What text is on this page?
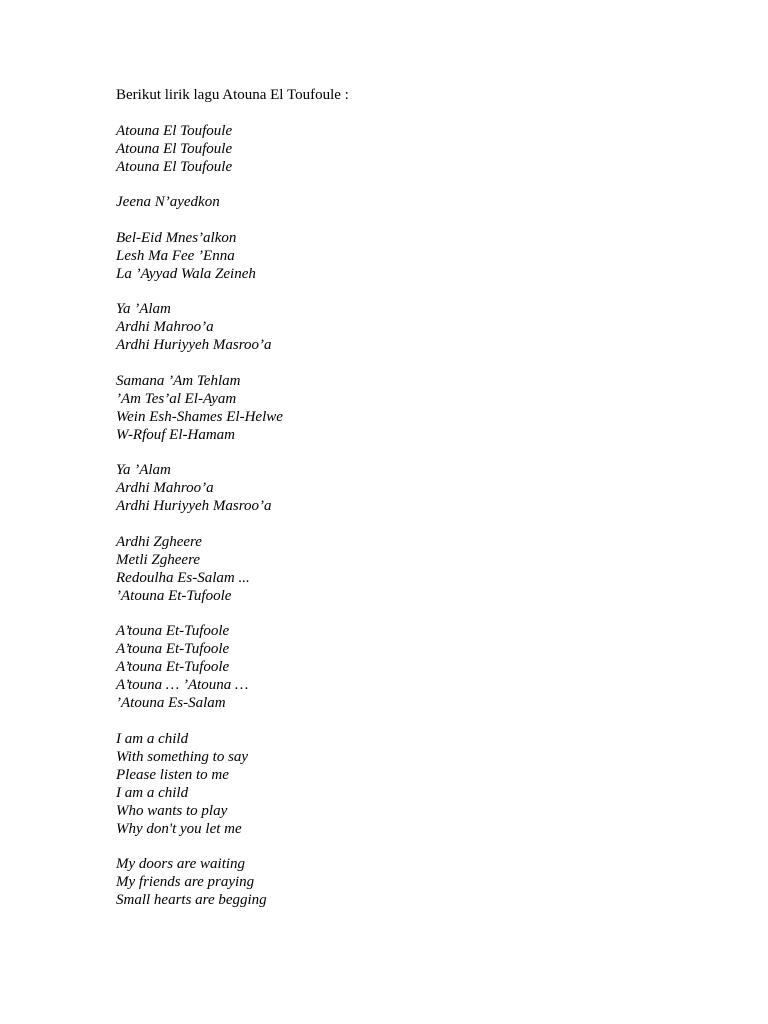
Berikut lirik lagu Atouna El Toufoule :

Atouna El Toufoule
Atouna El Toufoule
Atouna El Toufoule
Jeena N’ayedkon
Bel-Eid Mnes’alkon
Lesh Ma Fee ’Enna
La ’Ayyad Wala Zeineh
Ya ’Alam
Ardhi Mahroo’a
Ardhi Huriyyeh Masroo’a
Samana ’Am Tehlam
’Am Tes’al El-Ayam
Wein Esh-Shames El-Helwe
W-Rfouf El-Hamam
Ya ’Alam
Ardhi Mahroo’a
Ardhi Huriyyeh Masroo’a
Ardhi Zgheere
Metli Zgheere
Redoulha Es-Salam ...
’Atouna Et-Tufoole
A’touna Et-Tufoole
A’touna Et-Tufoole
A’touna Et-Tufoole
A’touna … ’Atouna …
’Atouna Es-Salam
I am a child
With something to say
Please listen to me
I am a child
Who wants to play
Why don't you let me
My doors are waiting
My friends are praying
Small hearts are begging
